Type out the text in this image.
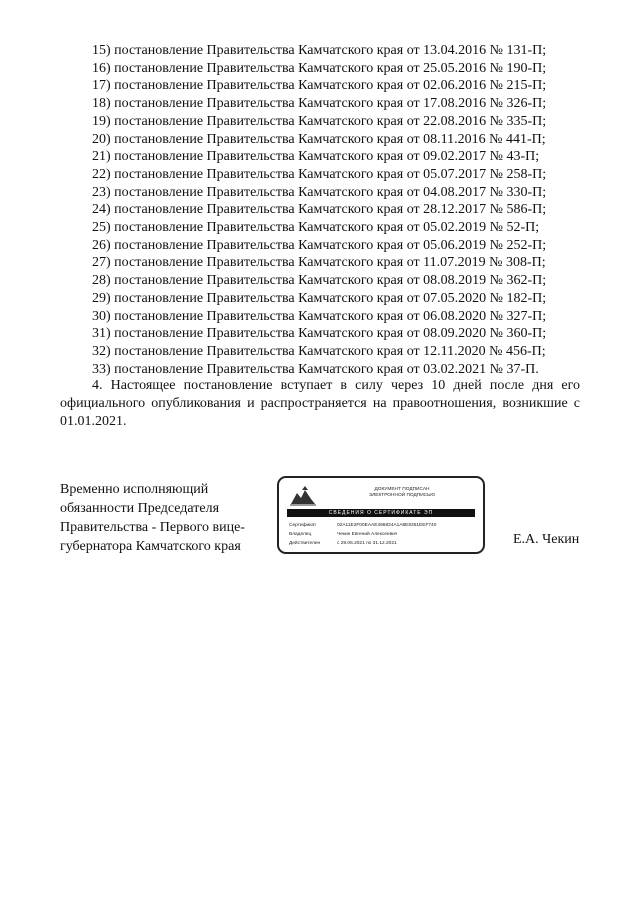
15) постановление Правительства Камчатского края от 13.04.2016 № 131-П;
16) постановление Правительства Камчатского края от 25.05.2016 № 190-П;
17) постановление Правительства Камчатского края от 02.06.2016 № 215-П;
18) постановление Правительства Камчатского края от 17.08.2016 № 326-П;
19) постановление Правительства Камчатского края от 22.08.2016 № 335-П;
20) постановление Правительства Камчатского края от 08.11.2016 № 441-П;
21) постановление Правительства Камчатского края от 09.02.2017 № 43-П;
22) постановление Правительства Камчатского края от 05.07.2017 № 258-П;
23) постановление Правительства Камчатского края от 04.08.2017 № 330-П;
24) постановление Правительства Камчатского края от 28.12.2017 № 586-П;
25) постановление Правительства Камчатского края от 05.02.2019 № 52-П;
26) постановление Правительства Камчатского края от 05.06.2019 № 252-П;
27) постановление Правительства Камчатского края от 11.07.2019 № 308-П;
28) постановление Правительства Камчатского края от 08.08.2019 № 362-П;
29) постановление Правительства Камчатского края от 07.05.2020 № 182-П;
30) постановление Правительства Камчатского края от 06.08.2020 № 327-П;
31) постановление Правительства Камчатского края от 08.09.2020 № 360-П;
32) постановление Правительства Камчатского края от 12.11.2020 № 456-П;
33) постановление Правительства Камчатского края от 03.02.2021 № 37-П.
4. Настоящее постановление вступает в силу через 10 дней после дня его официального опубликования и распространяется на правоотношения, возникшие с 01.01.2021.
Временно исполняющий
обязанности Председателя
Правительства - Первого вице-
губернатора Камчатского края
ДОКУМЕНТ ПОДПИСАН
ЭЛЕКТРОННОЙ ПОДПИСЬЮ
СВЕДЕНИЯ О СЕРТИФИКАТЕ ЭП
Сертификат	02A11E2F00EAAE496824A1A8E8351EEF740
Владелец	Чекин Евгений Алексеевич
Действителен	с 29.06.2021 по 31.12.2021	Е.А. Чекин
